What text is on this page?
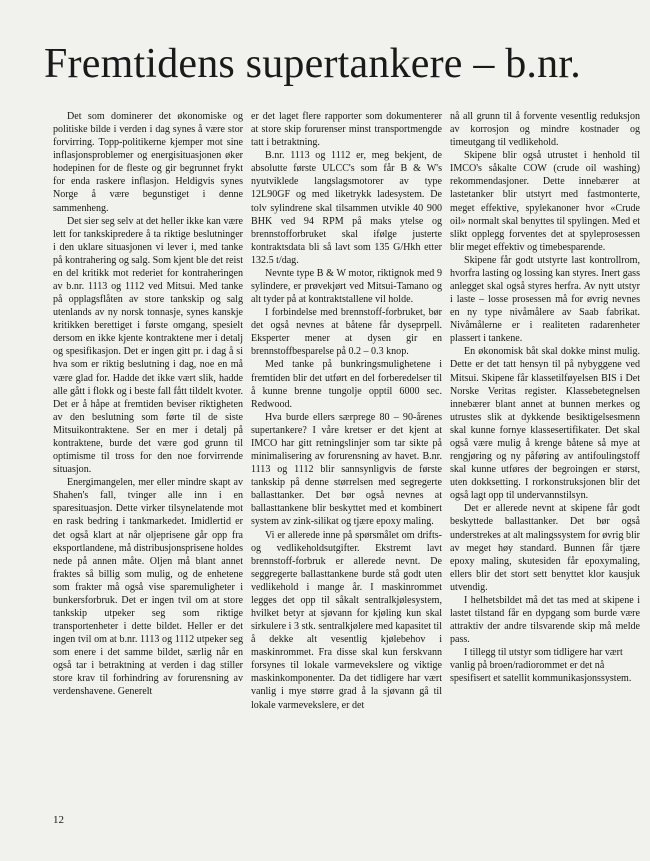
Fremtidens supertankere – b.nr.

Det som dominerer det økonomiske og politiske bilde i verden i dag synes å være stor forvirring. Topp-politikerne kjemper mot sine inflasjonsproblemer og energisituasjonen øker hodepinen for de fleste og gir begrunnet frykt for enda raskere inflasjon. Heldigvis synes Norge å være begunstiget i denne sammenheng.

Det sier seg selv at det heller ikke kan være lett for tankskipredere å ta riktige beslutninger i den uklare situasjonen vi lever i, med tanke på kontrahering og salg. Som kjent ble det reist en del kritikk mot rederiet for kontraheringen av b.nr. 1113 og 1112 ved Mitsui. Med tanke på opplagsflåten av store tankskip og salg utenlands av ny norsk tonnasje, synes kanskje kritikken berettiget i første omgang, spesielt dersom en ikke kjente kontraktene mer i detalj og spesifikasjon. Det er ingen gitt pr. i dag å si hva som er riktig beslutning i dag, noe en må være glad for. Hadde det ikke vært slik, hadde alle gått i flokk og i beste fall fått tildelt kvoter. Det er å håpe at fremtiden beviser riktigheten av den beslutning som førte til de siste Mitsuikontraktene. Ser en mer i detalj på kontraktene, burde det være god grunn til optimisme til tross for den noe forvirrende situasjon.

Energimangelen, mer eller mindre skapt av Shahen's fall, tvinger alle inn i en sparesituasjon. Dette virker tilsynelatende mot en rask bedring i tankmarkedet. Imidlertid er det også klart at når oljeprisene går opp fra eksportlandene, må distribusjonsprisene holdes nede på annen måte. Oljen må blant annet fraktes så billig som mulig, og de enhetene som frakter må også vise sparemuligheter i bunkersforbruk. Det er ingen tvil om at store tankskip utpeker seg som riktige transportenheter i dette bildet. Heller er det ingen tvil om at b.nr. 1113 og 1112 utpeker seg som enere i det samme bildet, særlig når en også tar i betraktning at verden i dag stiller store krav til forhindring av forurensning av verdenshavene. Generelt

er det laget flere rapporter som dokumenterer at store skip forurenser minst transportmengde tatt i betraktning.

B.nr. 1113 og 1112 er, meg bekjent, de absolutte første ULCC's som får B & W's nyutviklede langslagsmotorer av type 12L90GF og med liketrykk ladesystem. De tolv sylindrene skal tilsammen utvikle 40 900 BHK ved 94 RPM på maks ytelse og brennstofforbruket skal ifølge justerte kontraktsdata bli så lavt som 135 G/Hkh etter 132.5 t/dag.

Nevnte type B & W motor, riktignok med 9 sylindere, er prøvekjørt ved Mitsui-Tamano og alt tyder på at kontraktstallene vil holde.

I forbindelse med brennstoff-forbruket, bør det også nevnes at båtene får dyseprpell. Eksperter mener at dysen gir en brennstoffbesparelse på 0.2 – 0.3 knop.

Med tanke på bunkringsmulighetene i fremtiden blir det utført en del forberedelser til å kunne brenne tungolje opptil 6000 sec. Redwood.

Hva burde ellers særprege 80 – 90-årenes supertankere? I våre kretser er det kjent at IMCO har gitt retningslinjer som tar sikte på minimalisering av forurensning av havet. B.nr. 1113 og 1112 blir sannsynligvis de første tankskip på denne størrelsen med segregerte ballasttanker. Det bør også nevnes at ballasttankene blir beskyttet med et kombinert system av zink-silikat og tjære epoxy maling.

Vi er allerede inne på spørsmålet om drifts- og vedlikeholdsutgifter. Ekstremt lavt brennstoff-forbruk er allerede nevnt. De seggregerte ballasttankene burde stå godt uten vedlikehold i mange år. I maskinrommet legges det opp til såkalt sentralkjølesystem, hvilket betyr at sjøvann for kjøling kun skal sirkulere i 3 stk. sentralkjølere med kapasitet til å dekke alt vesentlig kjølebehov i maskinrommet. Fra disse skal kun ferskvann forsynes til lokale varmevekslere og viktige maskinkomponenter. Da det tidligere har vært vanlig i mye større grad å la sjøvann gå til lokale varmevekslere, er det

nå all grunn til å forvente vesentlig reduksjon av korrosjon og mindre kostnader og timeutgang til vedlikehold.

Skipene blir også utrustet i henhold til IMCO's såkalte COW (crude oil washing) rekommendasjoner. Dette innebærer at lastetanker blir utstyrt med fastmonterte, meget effektive, spylekanoner hvor «Crude oil» normalt skal benyttes til spylingen. Med et slikt opplegg forventes det at spyleprosessen blir meget effektiv og timebesparende.

Skipene får godt utstyrte last kontrollrom, hvorfra lasting og lossing kan styres. Inert gass anlegget skal også styres herfra. Av nytt utstyr i laste – losse prosessen må for øvrig nevnes en ny type nivåmålere av Saab fabrikat. Nivåmålerne er i realiteten radarenheter plassert i tankene.

En økonomisk båt skal dokke minst mulig. Dette er det tatt hensyn til på nybyggene ved Mitsui. Skipene får klassetilføyelsen BIS i Det Norske Veritas register. Klassebetegnelsen innebærer blant annet at bunnen merkes og utrustes slik at dykkende besiktigelsesmenn skal kunne fornye klassesertifikater. Det skal også være mulig å krenge båtene så mye at rengjøring og ny påføring av antifoulingstoff skal kunne utføres der begroingen er størst, uten dokksetting. I rorkonstruksjonen blir det også lagt opp til undervannstilsyn.

Det er allerede nevnt at skipene får godt beskyttede ballasttanker. Det bør også understrekes at alt malingssystem for øvrig blir av meget høy standard. Bunnen får tjære epoxy maling, skutesiden får epoxymaling, ellers blir det stort sett benyttet klor kausjuk utvendig.

I helhetsbildet må det tas med at skipene i lastet tilstand får en dypgang som burde være attraktiv der andre tilsvarende skip må melde pass.

I tillegg til utstyr som tidligere har vært vanlig på broen/radiorommet er det nå spesifisert et satellit kommunikasjonssystem.

12
